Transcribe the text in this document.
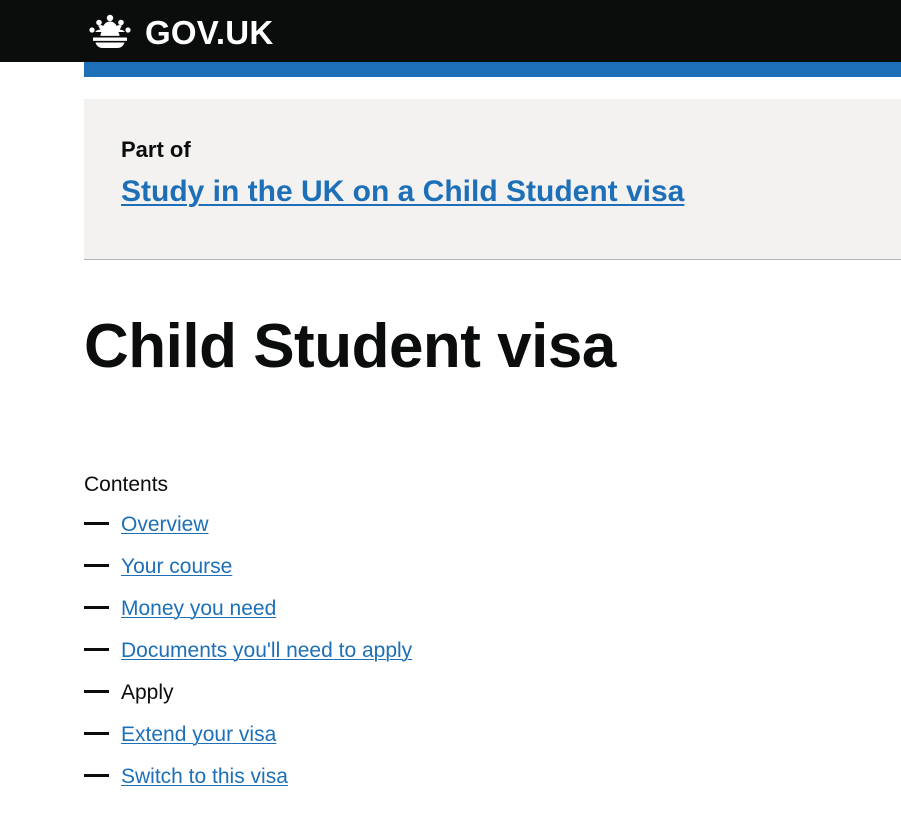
GOV.UK

Part of

Study in the UK on a Child Student visa
Child Student visa

Contents

Overview
Your course
Money you need
Documents you'll need to apply
Apply
Extend your visa
Switch to this visa
